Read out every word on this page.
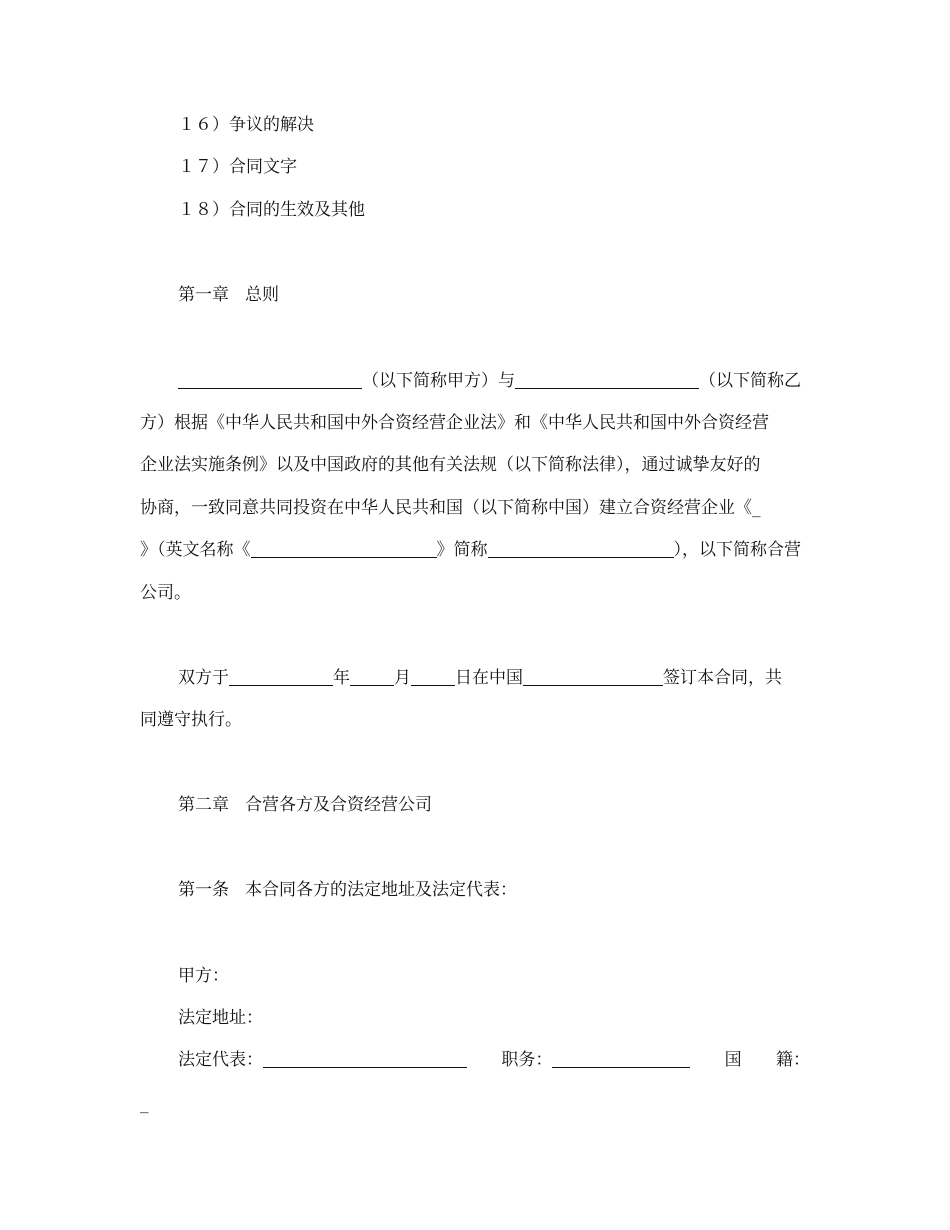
１６）争议的解决
１７）合同文字
１８）合同的生效及其他
第一章 总则
（以下简称甲方）与	（以下简称乙
方）根据《中华人民共和国中外合资经营企业法》和《中华人民共和国中外合资经营
企业法实施条例》以及中国政府的其他有关法规（以下简称法律），通过诚挚友好的
协商，一致同意共同投资在中华人民共和国（以下简称中国）建立合资经营企业《_
》（英文名称《	》简称	），以下简称合营
公司。
双方于	年	月	日在中国	签订本合同，共
同遵守执行。
第二章 合营各方及合资经营公司
第一条 本合同各方的法定地址及法定代表：
甲方：
法定地址：
法定代表：	职务：	国 籍：
_
